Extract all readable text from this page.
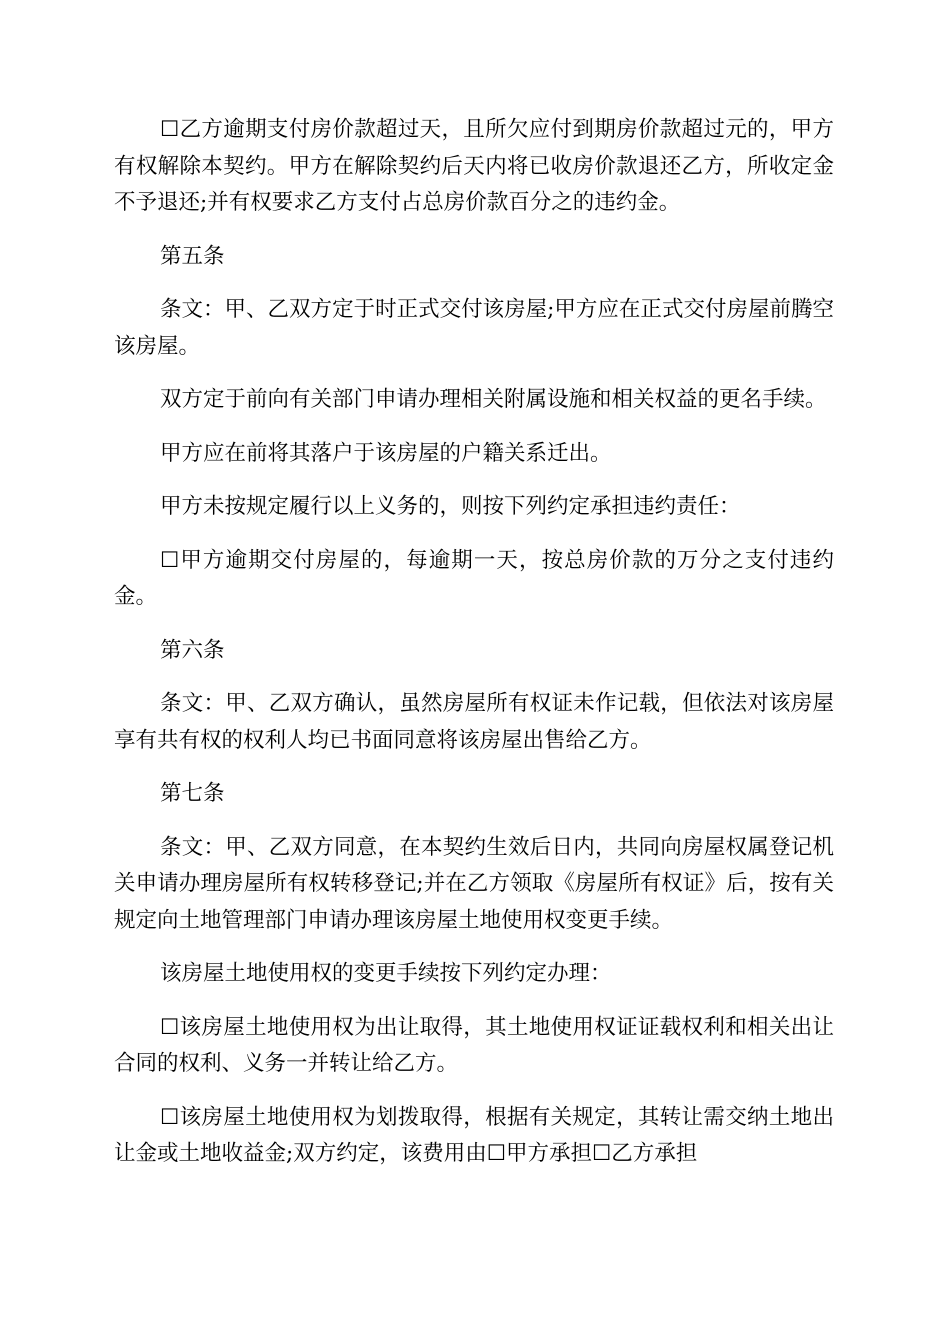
☐乙方逾期支付房价款超过天，且所欠应付到期房价款超过元的，甲方有权解除本契约。甲方在解除契约后天内将已收房价款退还乙方，所收定金不予退还;并有权要求乙方支付占总房价款百分之的违约金。

第五条

条文：甲、乙双方定于时正式交付该房屋;甲方应在正式交付房屋前腾空该房屋。

双方定于前向有关部门申请办理相关附属设施和相关权益的更名手续。

甲方应在前将其落户于该房屋的户籍关系迁出。

甲方未按规定履行以上义务的，则按下列约定承担违约责任：

☐甲方逾期交付房屋的，每逾期一天，按总房价款的万分之支付违约金。

第六条

条文：甲、乙双方确认，虽然房屋所有权证未作记载，但依法对该房屋享有共有权的权利人均已书面同意将该房屋出售给乙方。

第七条

条文：甲、乙双方同意，在本契约生效后日内，共同向房屋权属登记机关申请办理房屋所有权转移登记;并在乙方领取《房屋所有权证》后，按有关规定向土地管理部门申请办理该房屋土地使用权变更手续。

该房屋土地使用权的变更手续按下列约定办理：

☐该房屋土地使用权为出让取得，其土地使用权证证载权利和相关出让合同的权利、义务一并转让给乙方。

☐该房屋土地使用权为划拨取得，根据有关规定，其转让需交纳土地出让金或土地收益金;双方约定，该费用由☐甲方承担☐乙方承担
